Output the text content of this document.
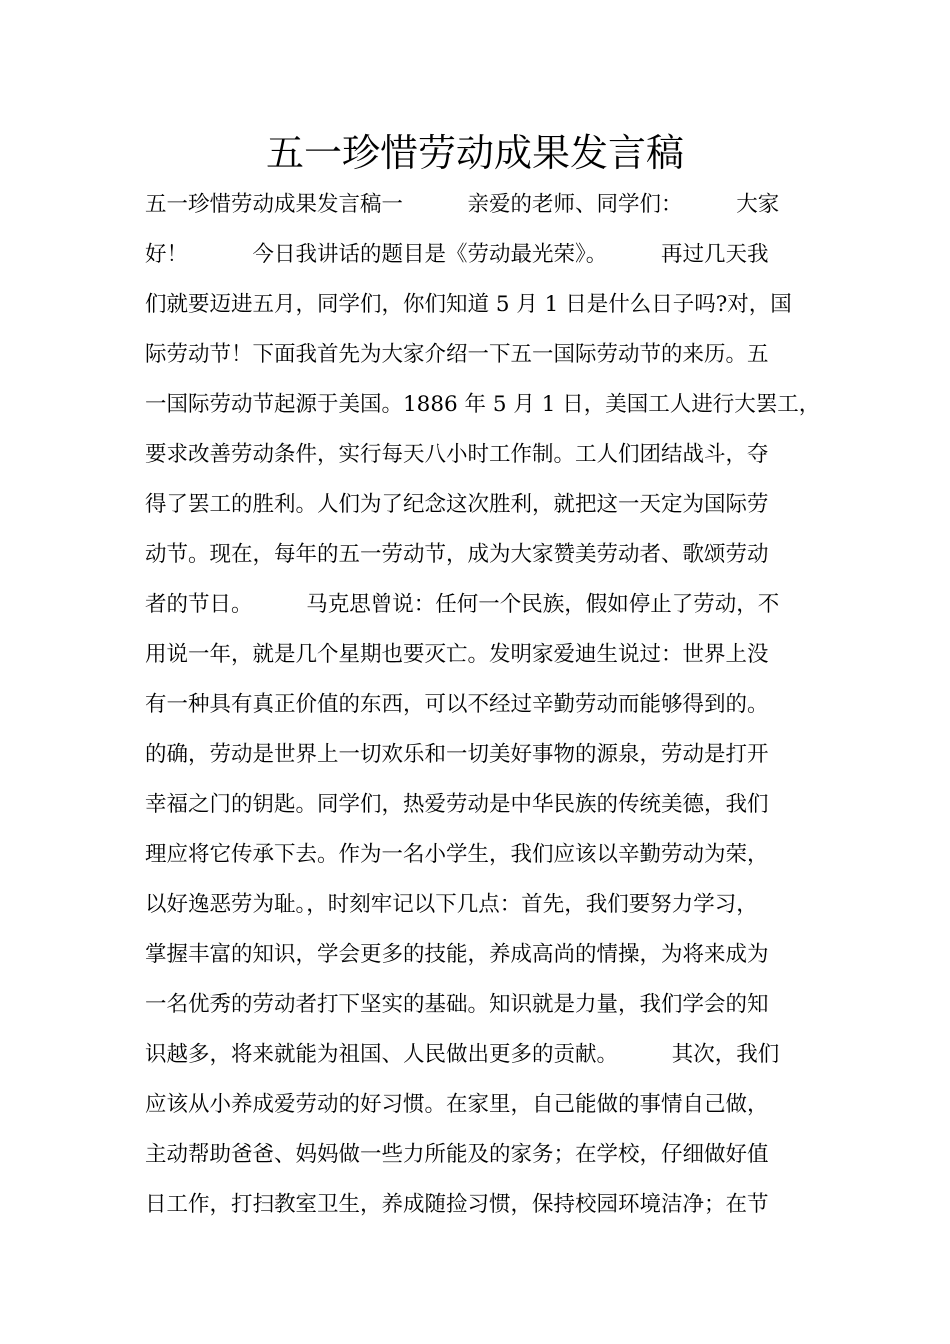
五一珍惜劳动成果发言稿
五一珍惜劳动成果发言稿一　　　亲爱的老师、同学们：　　　大家
好！　　　今日我讲话的题目是《劳动最光荣》。　　　再过几天我
们就要迈进五月，同学们，你们知道 5 月 1 日是什么日子吗?对，国
际劳动节！下面我首先为大家介绍一下五一国际劳动节的来历。五
一国际劳动节起源于美国。1886 年 5 月 1 日，美国工人进行大罢工，
要求改善劳动条件，实行每天八小时工作制。工人们团结战斗，夺
得了罢工的胜利。人们为了纪念这次胜利，就把这一天定为国际劳
动节。现在，每年的五一劳动节，成为大家赞美劳动者、歌颂劳动
者的节日。　　　马克思曾说：任何一个民族，假如停止了劳动，不
用说一年，就是几个星期也要灭亡。发明家爱迪生说过：世界上没
有一种具有真正价值的东西，可以不经过辛勤劳动而能够得到的。
的确，劳动是世界上一切欢乐和一切美好事物的源泉，劳动是打开
幸福之门的钥匙。同学们，热爱劳动是中华民族的传统美德，我们
理应将它传承下去。作为一名小学生，我们应该以辛勤劳动为荣，
以好逸恶劳为耻。，时刻牢记以下几点：首先，我们要努力学习，
掌握丰富的知识，学会更多的技能，养成高尚的情操，为将来成为
一名优秀的劳动者打下坚实的基础。知识就是力量，我们学会的知
识越多，将来就能为祖国、人民做出更多的贡献。　　　其次，我们
应该从小养成爱劳动的好习惯。在家里，自己能做的事情自己做，
主动帮助爸爸、妈妈做一些力所能及的家务；在学校，仔细做好值
日工作，打扫教室卫生，养成随捡习惯，保持校园环境洁净；在节
